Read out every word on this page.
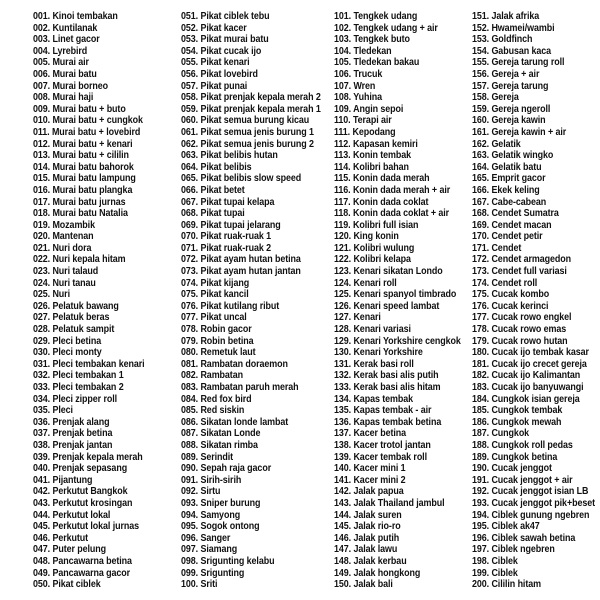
001. Kinoi tembakan
002. Kuntilanak
003. Linet gacor
004. Lyrebird
005. Murai air
006. Murai batu
007. Murai borneo
008. Murai haji
009. Murai batu + buto
010. Murai batu + cungkok
011. Murai batu + lovebird
012. Murai batu + kenari
013. Murai batu + cililin
014. Murai batu bahorok
015. Murai batu lampung
016. Murai batu plangka
017. Murai batu jurnas
018. Murai batu Natalia
019. Mozambik
020. Mantenan
021. Nuri dora
022. Nuri kepala hitam
023. Nuri talaud
024. Nuri tanau
025. Nuri
026. Pelatuk bawang
027. Pelatuk beras
028. Pelatuk sampit
029. Pleci betina
030. Pleci monty
031. Pleci tembakan kenari
032. Pleci tembakan 1
033. Pleci tembakan 2
034. Pleci zipper roll
035. Pleci
036. Prenjak alang
037. Prenjak betina
038. Prenjak jantan
039. Prenjak kepala merah
040. Prenjak sepasang
041. Pijantung
042. Perkutut Bangkok
043. Perkutut krosingan
044. Perkutut lokal
045. Perkutut lokal jurnas
046. Perkutut
047. Puter pelung
048. Pancawarna betina
049. Pancawarna gacor
050. Pikat ciblek
051. Pikat ciblek tebu
052. Pikat kacer
053. Pikat murai batu
054. Pikat cucak ijo
055. Pikat kenari
056. Pikat lovebird
057. Pikat punai
058. Pikat prenjak kepala merah 2
059. Pikat prenjak kepala merah 1
060. Pikat semua burung kicau
061. Pikat semua jenis burung 1
062. Pikat semua jenis burung 2
063. Pikat belibis hutan
064. Pikat belibis
065. Pikat belibis slow speed
066. Pikat betet
067. Pikat tupai kelapa
068. Pikat tupai
069. Pikat tupai jelarang
070. Pikat ruak-ruak 1
071. Pikat ruak-ruak 2
072. Pikat ayam hutan betina
073. Pikat ayam hutan jantan
074. Pikat kijang
075. Pikat kancil
076. Pikat kutilang ribut
077. Pikat uncal
078. Robin gacor
079. Robin betina
080. Remetuk laut
081. Rambatan doraemon
082. Rambatan
083. Rambatan paruh merah
084. Red fox bird
085. Red siskin
086. Sikatan londe lambat
087. Sikatan Londe
088. Sikatan rimba
089. Serindit
090. Sepah raja gacor
091. Sirih-sirih
092. Sirtu
093. Sniper burung
094. Samyong
095. Sogok ontong
096. Sanger
097. Siamang
098. Srigunting kelabu
099. Srigunting
100. Sriti
101. Tengkek udang
102. Tengkek udang + air
103. Tengkek buto
104. Tledekan
105. Tledekan bakau
106. Trucuk
107. Wren
108. Yuhina
109. Angin sepoi
110. Terapi air
111. Kepodang
112. Kapasan kemiri
113. Konin tembak
114. Kolibri bahan
115. Konin dada merah
116. Konin dada merah + air
117. Konin dada coklat
118. Konin dada coklat + air
119. Kolibri full isian
120. King konin
121. Kolibri wulung
122. Kolibri kelapa
123. Kenari sikatan Londo
124. Kenari roll
125. Kenari spanyol timbrado
126. Kenari speed lambat
127. Kenari
128. Kenari variasi
129. Kenari Yorkshire cengkok
130. Kenari Yorkshire
131. Kerak basi roll
132. Kerak basi alis putih
133. Kerak basi alis hitam
134. Kapas tembak
135. Kapas tembak - air
136. Kapas tembak betina
137. Kacer betina
138. Kacer trotol jantan
139. Kacer tembak roll
140. Kacer mini 1
141. Kacer mini 2
142. Jalak papua
143. Jalak Thailand jambul
144. Jalak suren
145. Jalak rio-ro
146. Jalak putih
147. Jalak lawu
148. Jalak kerbau
149. Jalak hongkong
150. Jalak bali
151. Jalak afrika
152. Hwamei/wambi
153. Goldfinch
154. Gabusan kaca
155. Gereja tarung roll
156. Gereja + air
157. Gereja tarung
158. Gereja
159. Gereja ngeroll
160. Gereja kawin
161. Gereja kawin + air
162. Gelatik
163. Gelatik wingko
164. Gelatik batu
165. Emprit gacor
166. Ekek keling
167. Cabe-cabean
168. Cendet Sumatra
169. Cendet macan
170. Cendet petir
171. Cendet
172. Cendet armagedon
173. Cendet full variasi
174. Cendet roll
175. Cucak kombo
176. Cucak kerinci
177. Cucak rowo engkel
178. Cucak rowo emas
179. Cucak rowo hutan
180. Cucak ijo tembak kasar
181. Cucak ijo crecet gereja
182. Cucak ijo Kalimantan
183. Cucak ijo banyuwangi
184. Cungkok isian gereja
185. Cungkok tembak
186. Cungkok mewah
187. Cungkok
188. Cungkok roll pedas
189. Cungkok betina
190. Cucak jenggot
191. Cucak jenggot + air
192. Cucak jenggot isian LB
193. Cucak jenggot pik+beset
194. Ciblek gunung ngebren
195. Ciblek ak47
196. Ciblek sawah betina
197. Ciblek ngebren
198. Ciblek
199. Ciblek
200. Cililin hitam
